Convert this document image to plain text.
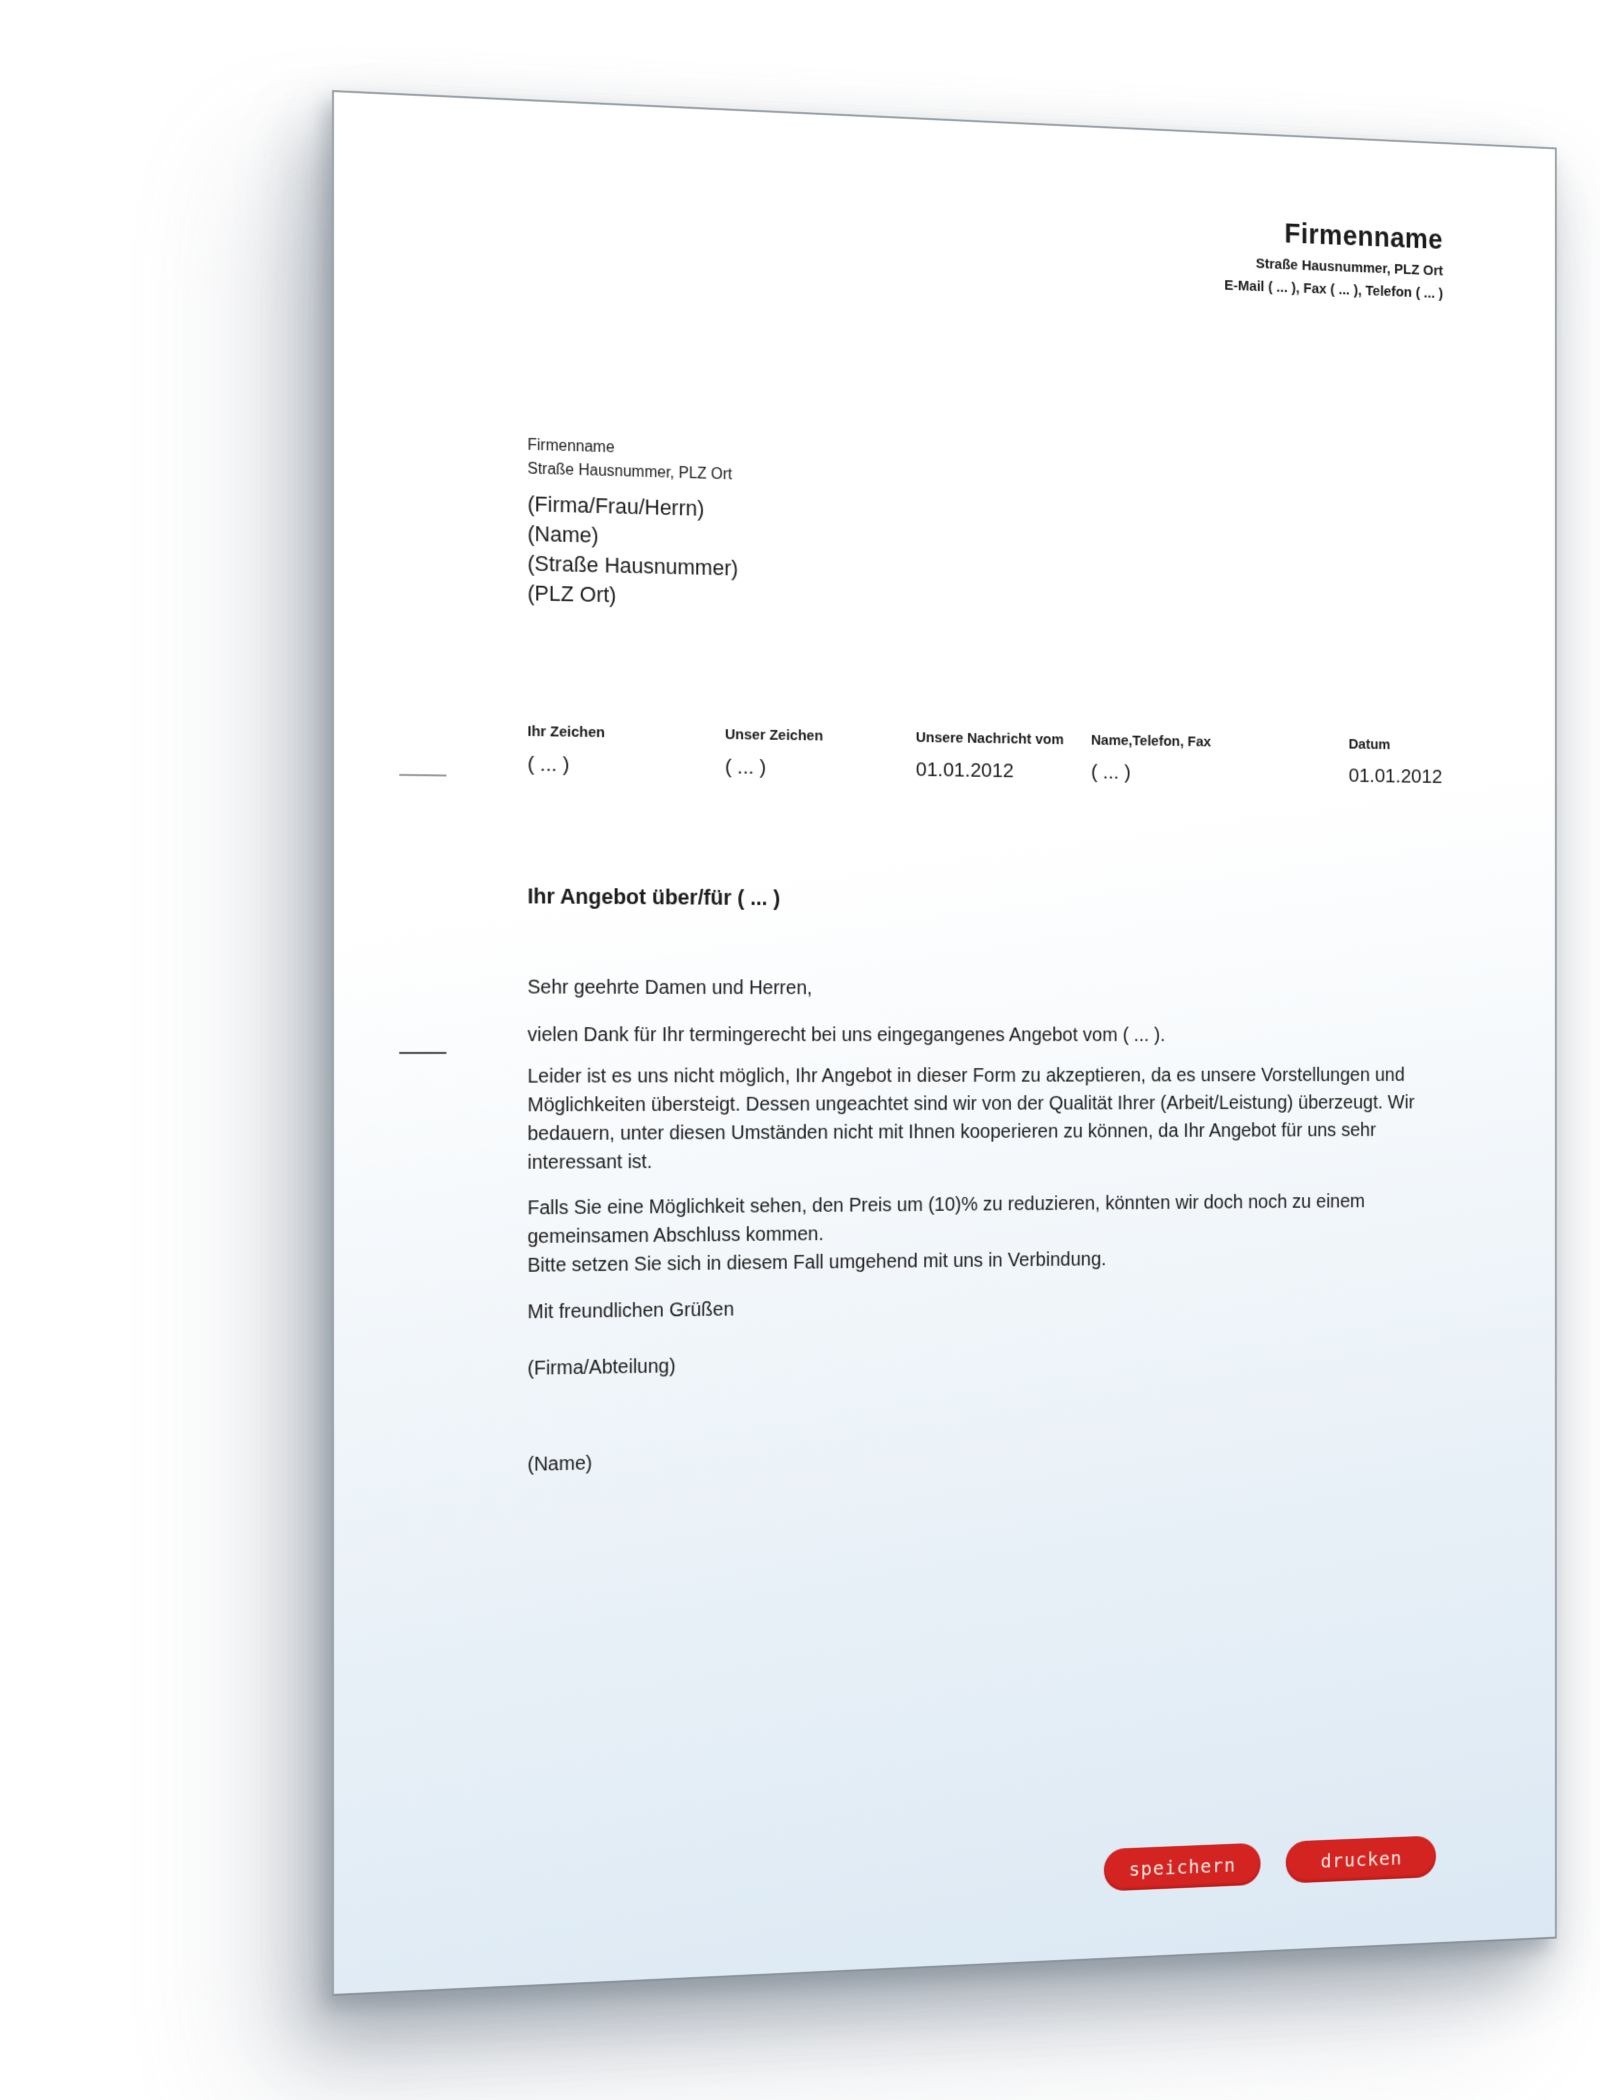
Firmenname
Straße Hausnummer, PLZ Ort
E-Mail ( ... ), Fax ( ... ), Telefon ( ... )
Firmenname
Straße Hausnummer, PLZ Ort
(Firma/Frau/Herrn)
(Name)
(Straße Hausnummer)
(PLZ Ort)
Ihr Zeichen
( ... )
Unser Zeichen
( ... )
Unsere Nachricht vom
01.01.2012
Name,Telefon, Fax
( ... )
Datum
01.01.2012
Ihr Angebot über/für ( ... )

Sehr geehrte Damen und Herren,

vielen Dank für Ihr termingerecht bei uns eingegangenes Angebot vom ( ... ).

Leider ist es uns nicht möglich, Ihr Angebot in dieser Form zu akzeptieren, da es unsere Vorstellungen und Möglichkeiten übersteigt. Dessen ungeachtet sind wir von der Qualität Ihrer (Arbeit/Leistung) überzeugt. Wir bedauern, unter diesen Umständen nicht mit Ihnen kooperieren zu können, da Ihr Angebot für uns sehr interessant ist.

Falls Sie eine Möglichkeit sehen, den Preis um (10)% zu reduzieren, könnten wir doch noch zu einem gemeinsamen Abschluss kommen.

Bitte setzen Sie sich in diesem Fall umgehend mit uns in Verbindung.

Mit freundlichen Grüßen

(Firma/Abteilung)

(Name)

speichern	drucken
